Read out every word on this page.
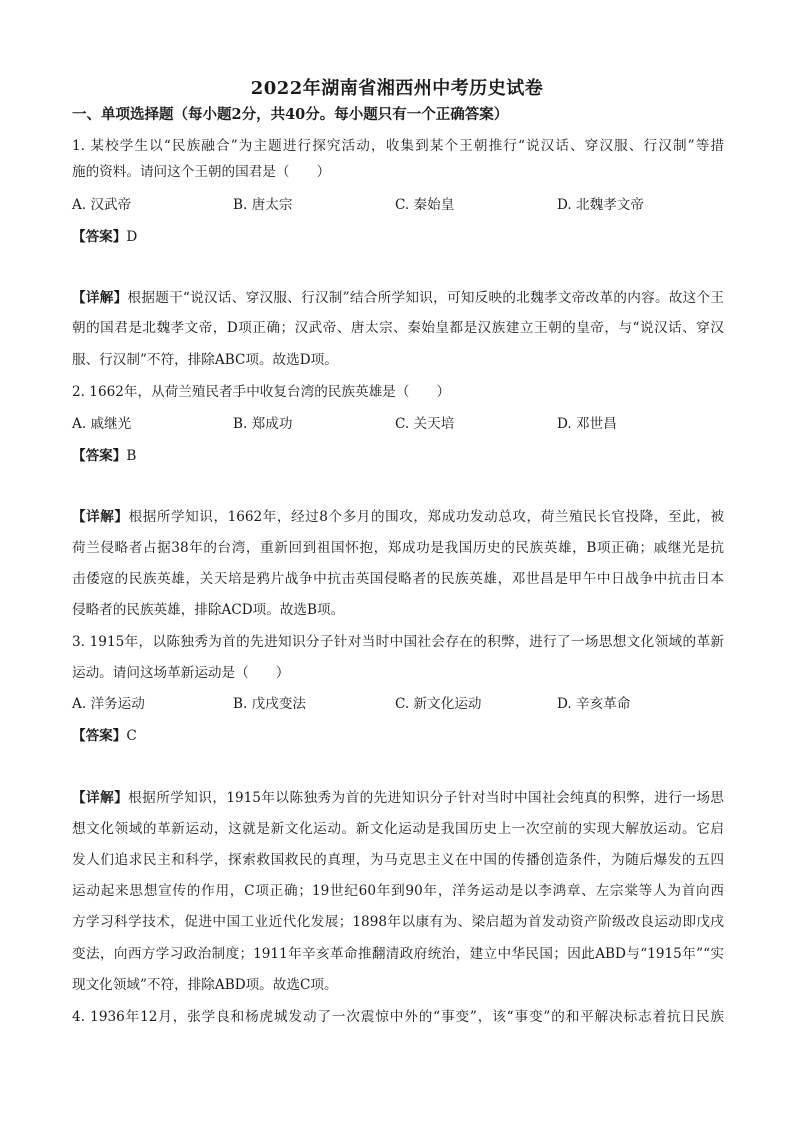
2022年湖南省湘西州中考历史试卷
一、单项选择题（每小题2分，共40分。每小题只有一个正确答案）
1. 某校学生以“民族融合”为主题进行探究活动，收集到某个王朝推行“说汉话、穿汉服、行汉制”等措
施的资料。请问这个王朝的国君是（　　）
A. 汉武帝	B. 唐太宗	C. 秦始皇	D. 北魏孝文帝
【答案】D
【详解】根据题干“说汉话、穿汉服、行汉制”结合所学知识，可知反映的北魏孝文帝改革的内容。故这个王
朝的国君是北魏孝文帝，D项正确；汉武帝、唐太宗、秦始皇都是汉族建立王朝的皇帝，与“说汉话、穿汉
服、行汉制”不符，排除ABC项。故选D项。
2. 1662年，从荷兰殖民者手中收复台湾的民族英雄是（　　）
A. 戚继光	B. 郑成功	C. 关天培	D. 邓世昌
【答案】B
【详解】根据所学知识，1662年，经过8个多月的围攻，郑成功发动总攻，荷兰殖民长官投降，至此，被
荷兰侵略者占据38年的台湾，重新回到祖国怀抱，郑成功是我国历史的民族英雄，B项正确；戚继光是抗
击倭寇的民族英雄，关天培是鸦片战争中抗击英国侵略者的民族英雄，邓世昌是甲午中日战争中抗击日本
侵略者的民族英雄，排除ACD项。故选B项。
3. 1915年，以陈独秀为首的先进知识分子针对当时中国社会存在的积弊，进行了一场思想文化领域的革新
运动。请问这场革新运动是（　　）
A. 洋务运动	B. 戊戌变法	C. 新文化运动	D. 辛亥革命
【答案】C
【详解】根据所学知识，1915年以陈独秀为首的先进知识分子针对当时中国社会纯真的积弊，进行一场思
想文化领域的革新运动，这就是新文化运动。新文化运动是我国历史上一次空前的实现大解放运动。它启
发人们追求民主和科学，探索救国救民的真理，为马克思主义在中国的传播创造条件，为随后爆发的五四
运动起来思想宣传的作用，C项正确；19世纪60年到90年，洋务运动是以李鸿章、左宗棠等人为首向西
方学习科学技术，促进中国工业近代化发展；1898年以康有为、梁启超为首发动资产阶级改良运动即戊戌
变法，向西方学习政治制度；1911年辛亥革命推翻清政府统治，建立中华民国；因此ABD与“1915年”“实
现文化领域”不符，排除ABD项。故选C项。
4. 1936年12月，张学良和杨虎城发动了一次震惊中外的“事变”，该“事变”的和平解决标志着抗日民族
